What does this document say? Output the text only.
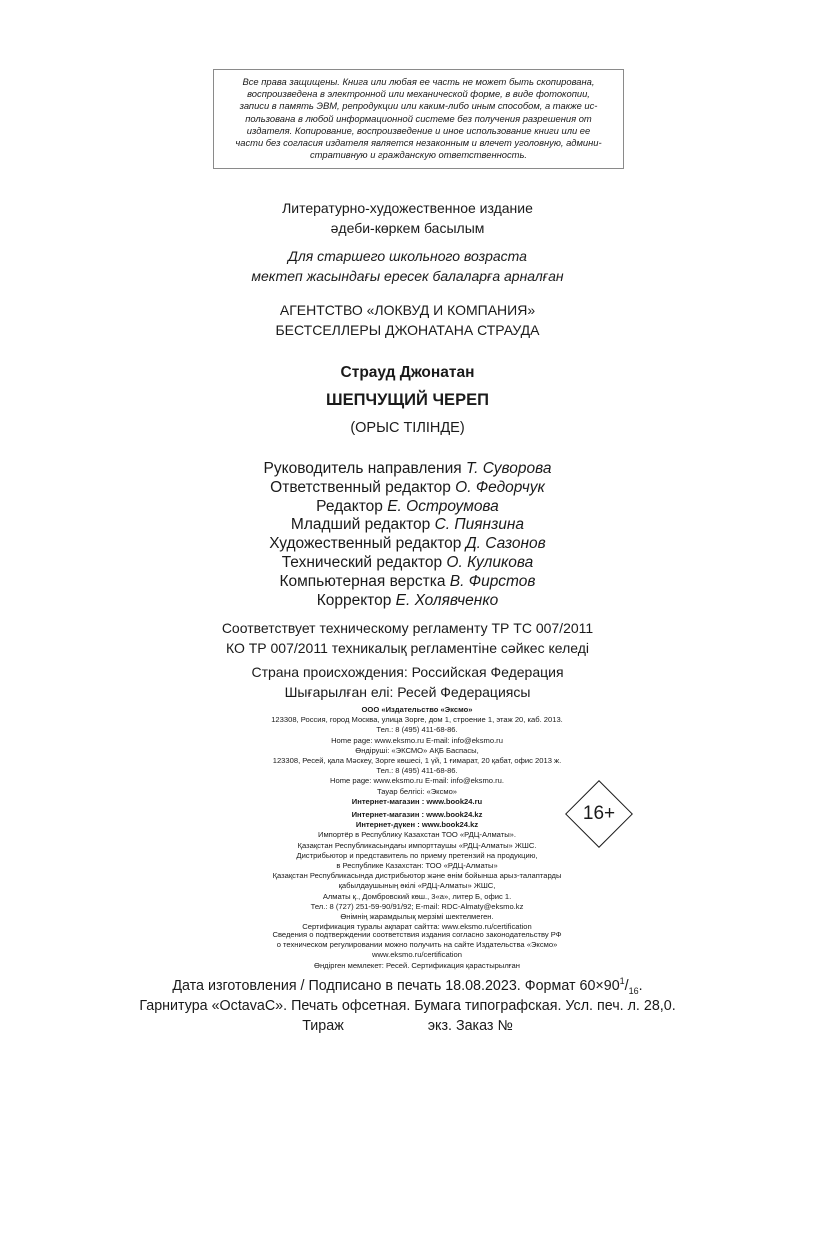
Все права защищены. Книга или любая ее часть не может быть скопирована,
воспроизведена в электронной или механической форме, в виде фотокопии,
записи в память ЭВМ, репродукции или каким-либо иным способом, а также ис-
пользована в любой информационной системе без получения разрешения от
издателя. Копирование, воспроизведение и иное использование книги или ее
части без согласия издателя является незаконным и влечет уголовную, админи-
стративную и гражданскую ответственность.
Литературно-художественное издание
әдеби-көркем басылым
Для старшего школьного возраста
мектеп жасындағы ересек балаларға арналған
АГЕНТСТВО «ЛОКВУД И КОМПАНИЯ»
БЕСТСЕЛЛЕРЫ ДЖОНАТАНА СТРАУДА
Страуд Джонатан
ШЕПЧУЩИЙ ЧЕРЕП
(ОРЫС ТІЛІНДЕ)
Руководитель направления Т. Суворова
Ответственный редактор О. Федорчук
Редактор Е. Остроумова
Младший редактор С. Пиянзина
Художественный редактор Д. Сазонов
Технический редактор О. Куликова
Компьютерная верстка В. Фирстов
Корректор Е. Холявченко
Соответствует техническому регламенту ТР ТС 007/2011
КО ТР 007/2011 техникалық регламентіне сәйкес келеді
Страна происхождения: Российская Федерация
Шығарылған елі: Ресей Федерациясы
ООО «Издательство «Эксмо»
123308, Россия, город Москва, улица Зорге, дом 1, строение 1, этаж 20, каб. 2013.
Тел.: 8 (495) 411-68-86.
Home page: www.eksmo.ru E-mail: info@eksmo.ru
Өндіруші: «ЭКСМО» АҚБ Баспасы,
123308, Ресей, қала Мәскеу, Зорге көшесі, 1 үй, 1 ғимарат, 20 қабат, офис 2013 ж.
Тел.: 8 (495) 411-68-86.
Home page: www.eksmo.ru E-mail: info@eksmo.ru.
Тауар белгісі: «Эксмо»
Интернет-магазин : www.book24.ru
Интернет-магазин : www.book24.kz
Интернет-дүкен : www.book24.kz
Импортёр в Республику Казахстан ТОО «РДЦ-Алматы».
Қазақстан Республикасындағы импорттаушы «РДЦ-Алматы» ЖШС.
Дистрибьютор и представитель по приему претензий на продукцию,
в Республике Казахстан: ТОО «РДЦ-Алматы»
Қазақстан Республикасында дистрибьютор және өнім бойынша арыз-талаптарды
қабылдаушының өкілі «РДЦ-Алматы» ЖШС,
Алматы қ., Домбровский көш., 3«а», литер Б, офис 1.
Тел.: 8 (727) 251-59-90/91/92; E-mail: RDC-Almaty@eksmo.kz
Өнімнің жарамдылық мерзімі шектелмеген.
Сертификация туралы ақпарат сайтта: www.eksmo.ru/certification
Сведения о подтверждении соответствия издания согласно законодательству РФ
о техническом регулировании можно получить на сайте Издательства «Эксмо»
www.eksmo.ru/certification
Өндірген мемлекет: Ресей. Сертификация қарастырылған
16+
Дата изготовления / Подписано в печать 18.08.2023. Формат $60\times 90^1/_{16}$.
Гарнитура «OctavaC». Печать офсетная. Бумага типографская. Усл. печ. л. 28,0.
Тираж	экз. Заказ №
